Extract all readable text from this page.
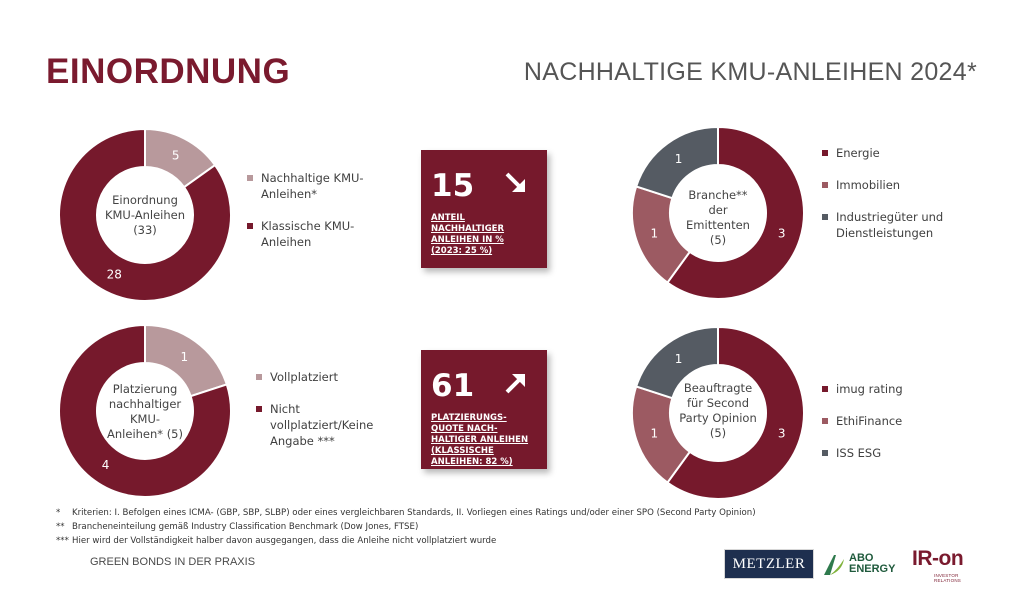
EINORDNUNG	NACHHALTIGE KMU-ANLEIHEN 2024*
5
28
Einordnung KMU-Anleihen (33)
Nachhaltige KMU-Anleihen*
Klassische KMU-Anleihen
3
1
1
Branche** der Emittenten (5)
Energie
Immobilien
Industriegüter und Dienstleistungen
15
ANTEIL NACHHALTIGER ANLEIHEN IN % (2023: 25 %)
1
4
Platzierung nachhaltiger KMU-Anleihen* (5)
Vollplatziert
Nicht vollplatziert/Keine Angabe ***
61
PLATZIERUNGS-QUOTE NACH-HALTIGER ANLEIHEN (KLASSISCHE ANLEIHEN: 82 %)
3
1
1
Beauftragte für Second Party Opinion (5)
imug rating
EthiFinance
ISS ESG
*	Kriterien: I. Befolgen eines ICMA- (GBP, SBP, SLBP) oder eines vergleichbaren Standards, II. Vorliegen eines Ratings und/oder einer SPO (Second Party Opinion)
** Brancheneinteilung gemäß Industry Classification Benchmark (Dow Jones, FTSE)
*** Hier wird der Vollständigkeit halber davon ausgegangen, dass die Anleihe nicht vollplatziert wurde
GREEN BONDS IN DER PRAXIS	METZLER	ABO
ENERGY IR-on
INVESTOR RELATIONS
